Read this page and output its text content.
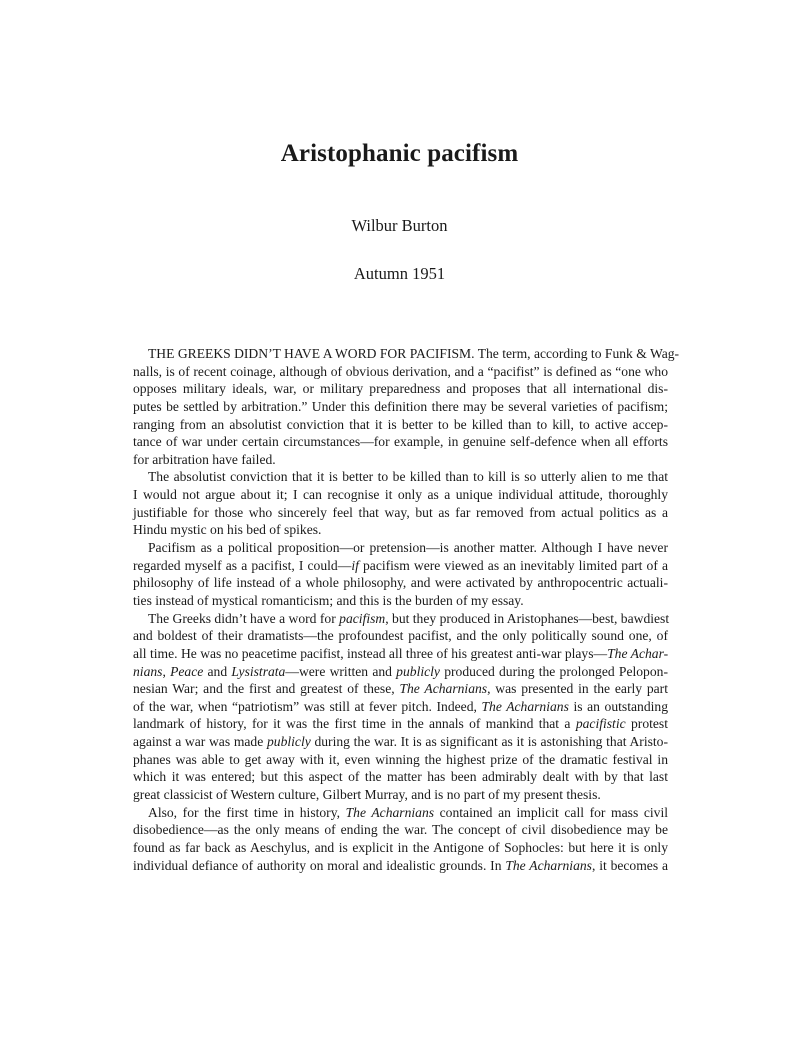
Aristophanic pacifism
Wilbur Burton
Autumn 1951
THE GREEKS DIDN’T HAVE A WORD FOR PACIFISM. The term, according to Funk & Wag-
nalls, is of recent coinage, although of obvious derivation, and a “pacifist” is defined as “one who
opposes military ideals, war, or military preparedness and proposes that all international dis-
putes be settled by arbitration.” Under this definition there may be several varieties of pacifism;
ranging from an absolutist conviction that it is better to be killed than to kill, to active accep-
tance of war under certain circumstances—for example, in genuine self-defence when all efforts
for arbitration have failed.
The absolutist conviction that it is better to be killed than to kill is so utterly alien to me that
I would not argue about it; I can recognise it only as a unique individual attitude, thoroughly
justifiable for those who sincerely feel that way, but as far removed from actual politics as a
Hindu mystic on his bed of spikes.
Pacifism as a political proposition—or pretension—is another matter. Although I have never
regarded myself as a pacifist, I could—if pacifism were viewed as an inevitably limited part of a
philosophy of life instead of a whole philosophy, and were activated by anthropocentric actuali-
ties instead of mystical romanticism; and this is the burden of my essay.
The Greeks didn’t have a word for pacifism, but they produced in Aristophanes—best, bawdiest
and boldest of their dramatists—the profoundest pacifist, and the only politically sound one, of
all time. He was no peacetime pacifist, instead all three of his greatest anti-war plays—The Achar-
nians, Peace and Lysistrata—were written and publicly produced during the prolonged Pelopon-
nesian War; and the first and greatest of these, The Acharnians, was presented in the early part
of the war, when “patriotism” was still at fever pitch. Indeed, The Acharnians is an outstanding
landmark of history, for it was the first time in the annals of mankind that a pacifistic protest
against a war was made publicly during the war. It is as significant as it is astonishing that Aristo-
phanes was able to get away with it, even winning the highest prize of the dramatic festival in
which it was entered; but this aspect of the matter has been admirably dealt with by that last
great classicist of Western culture, Gilbert Murray, and is no part of my present thesis.
Also, for the first time in history, The Acharnians contained an implicit call for mass civil
disobedience—as the only means of ending the war. The concept of civil disobedience may be
found as far back as Aeschylus, and is explicit in the Antigone of Sophocles: but here it is only
individual defiance of authority on moral and idealistic grounds. In The Acharnians, it becomes a
